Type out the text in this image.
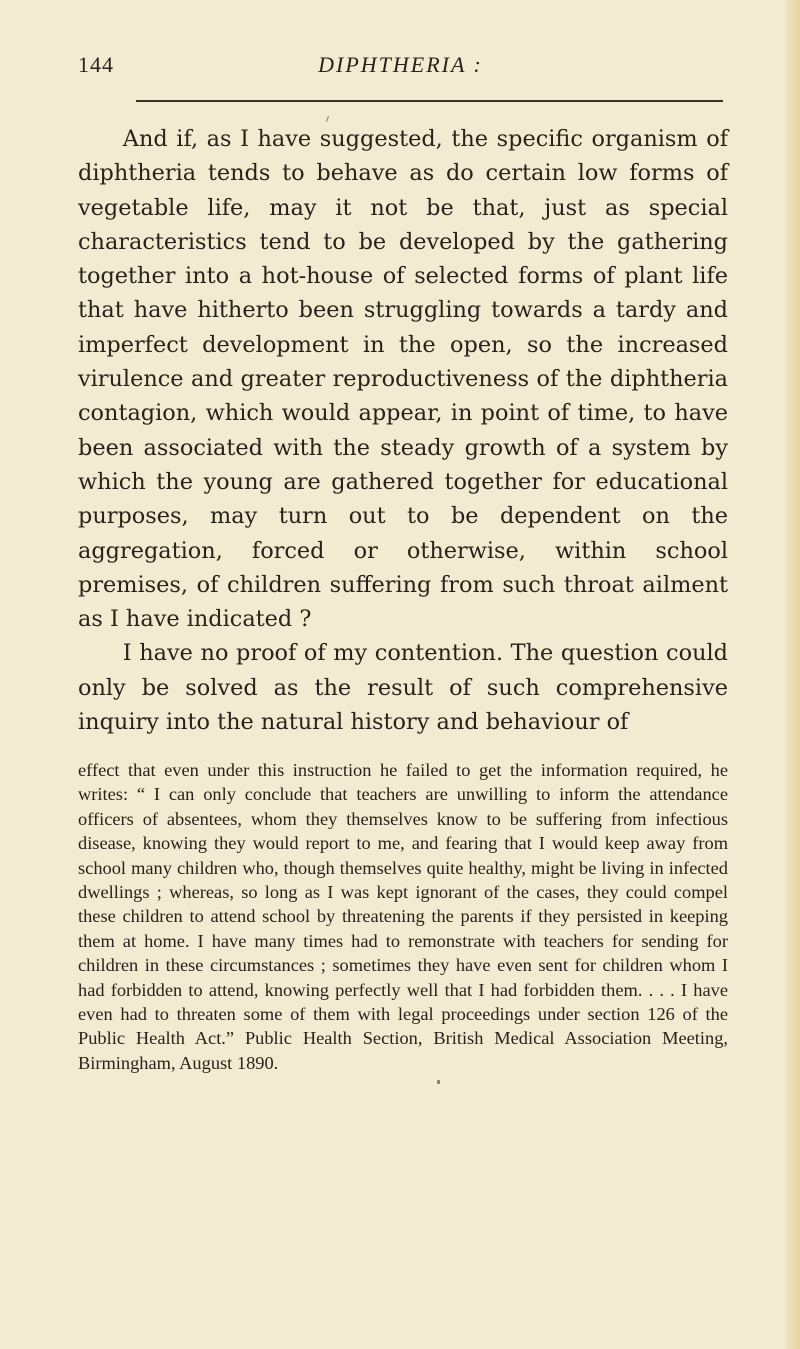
144	DIPHTHERIA :

And if, as I have suggested, the specific organism of diphtheria tends to behave as do certain low forms of vegetable life, may it not be that, just as special characteristics tend to be developed by the gathering together into a hot-house of selected forms of plant life that have hitherto been struggling towards a tardy and imperfect development in the open, so the increased virulence and greater reproductiveness of the diphtheria contagion, which would appear, in point of time, to have been associated with the steady growth of a system by which the young are gathered together for educational purposes, may turn out to be dependent on the aggregation, forced or otherwise, within school premises, of children suffering from such throat ailment as I have indicated ?

I have no proof of my contention. The question could only be solved as the result of such comprehensive inquiry into the natural history and behaviour of

effect that even under this instruction he failed to get the information required, he writes: “ I can only conclude that teachers are unwilling to inform the attendance officers of absentees, whom they themselves know to be suffering from infectious disease, knowing they would report to me, and fearing that I would keep away from school many children who, though themselves quite healthy, might be living in infected dwellings ; whereas, so long as I was kept ignorant of the cases, they could compel these children to attend school by threatening the parents if they persisted in keeping them at home. I have many times had to remonstrate with teachers for sending for children in these circumstances ; sometimes they have even sent for children whom I had forbidden to attend, knowing perfectly well that I had forbidden them. . . . I have even had to threaten some of them with legal proceedings under section 126 of the Public Health Act.” Public Health Section, British Medical Association Meeting, Birmingham, August 1890.
